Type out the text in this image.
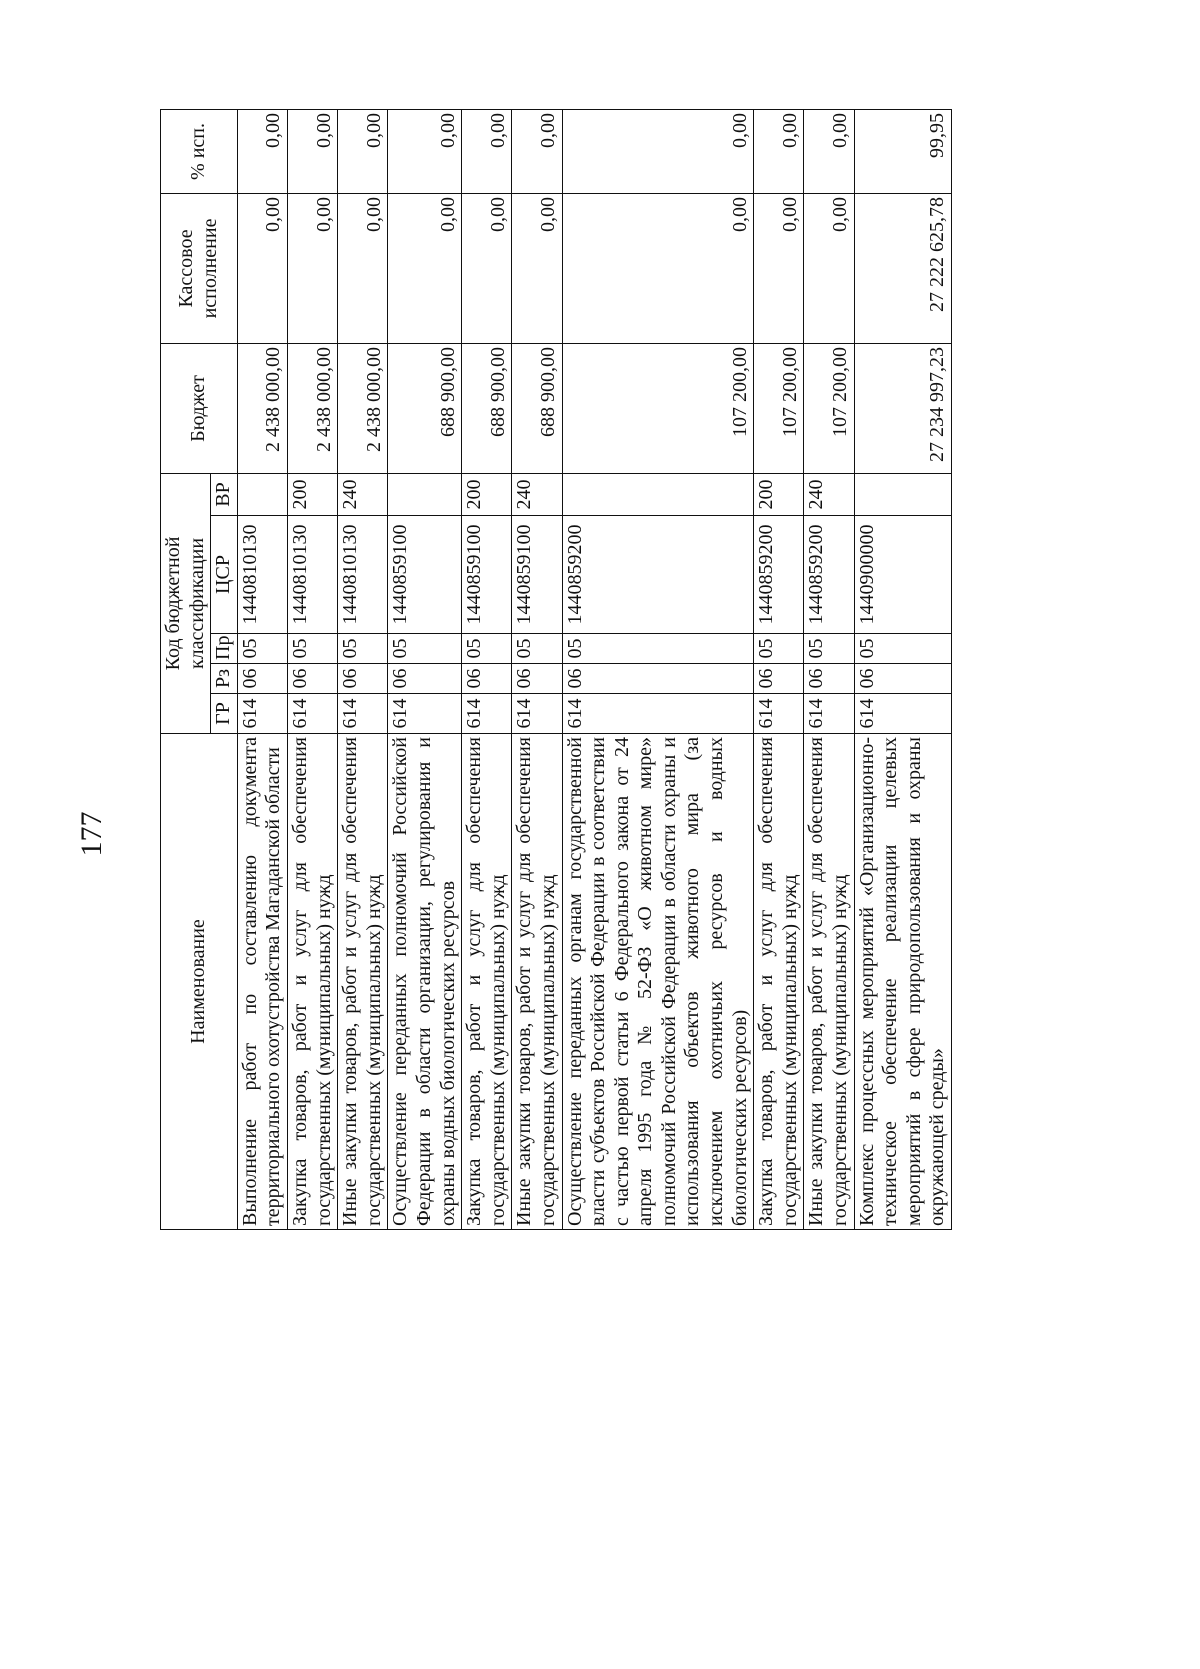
177
Наименование	Код бюджетной классификации					Бюджет	Кассовое исполнение	% исп.
	ГР	Рз	Пр	ЦСР	ВР			
Выполнение работ по составлению документа территориального охотустройства Магаданской области	614	06	05	1440810130		2 438 000,00	0,00	0,00
Закупка товаров, работ и услуг для обеспечения государственных (муниципальных) нужд	614	06	05	1440810130	200	2 438 000,00	0,00	0,00
Иные закупки товаров, работ и услуг для обеспечения государственных (муниципальных) нужд	614	06	05	1440810130	240	2 438 000,00	0,00	0,00
Осуществление переданных полномочий Российской Федерации в области организации, регулирования и охраны водных биологических ресурсов	614	06	05	1440859100		688 900,00	0,00	0,00
Закупка товаров, работ и услуг для обеспечения государственных (муниципальных) нужд	614	06	05	1440859100	200	688 900,00	0,00	0,00
Иные закупки товаров, работ и услуг для обеспечения государственных (муниципальных) нужд	614	06	05	1440859100	240	688 900,00	0,00	0,00
Осуществление переданных органам государственной власти субъектов Российской Федерации в соответствии с частью первой статьи 6 Федерального закона от 24 апреля 1995 года № 52-ФЗ «О животном мире» полномочий Российской Федерации в области охраны и использования объектов животного мира (за исключением охотничьих ресурсов и водных биологических ресурсов)	614	06	05	1440859200		107 200,00	0,00	0,00
Закупка товаров, работ и услуг для обеспечения государственных (муниципальных) нужд	614	06	05	1440859200	200	107 200,00	0,00	0,00
Иные закупки товаров, работ и услуг для обеспечения государственных (муниципальных) нужд	614	06	05	1440859200	240	107 200,00	0,00	0,00
Комплекс процессных мероприятий «Организационно-техническое обеспечение реализации целевых мероприятий в сфере природопользования и охраны окружающей среды»	614	06	05	1440900000		27 234 997,23	27 222 625,78	99,95
